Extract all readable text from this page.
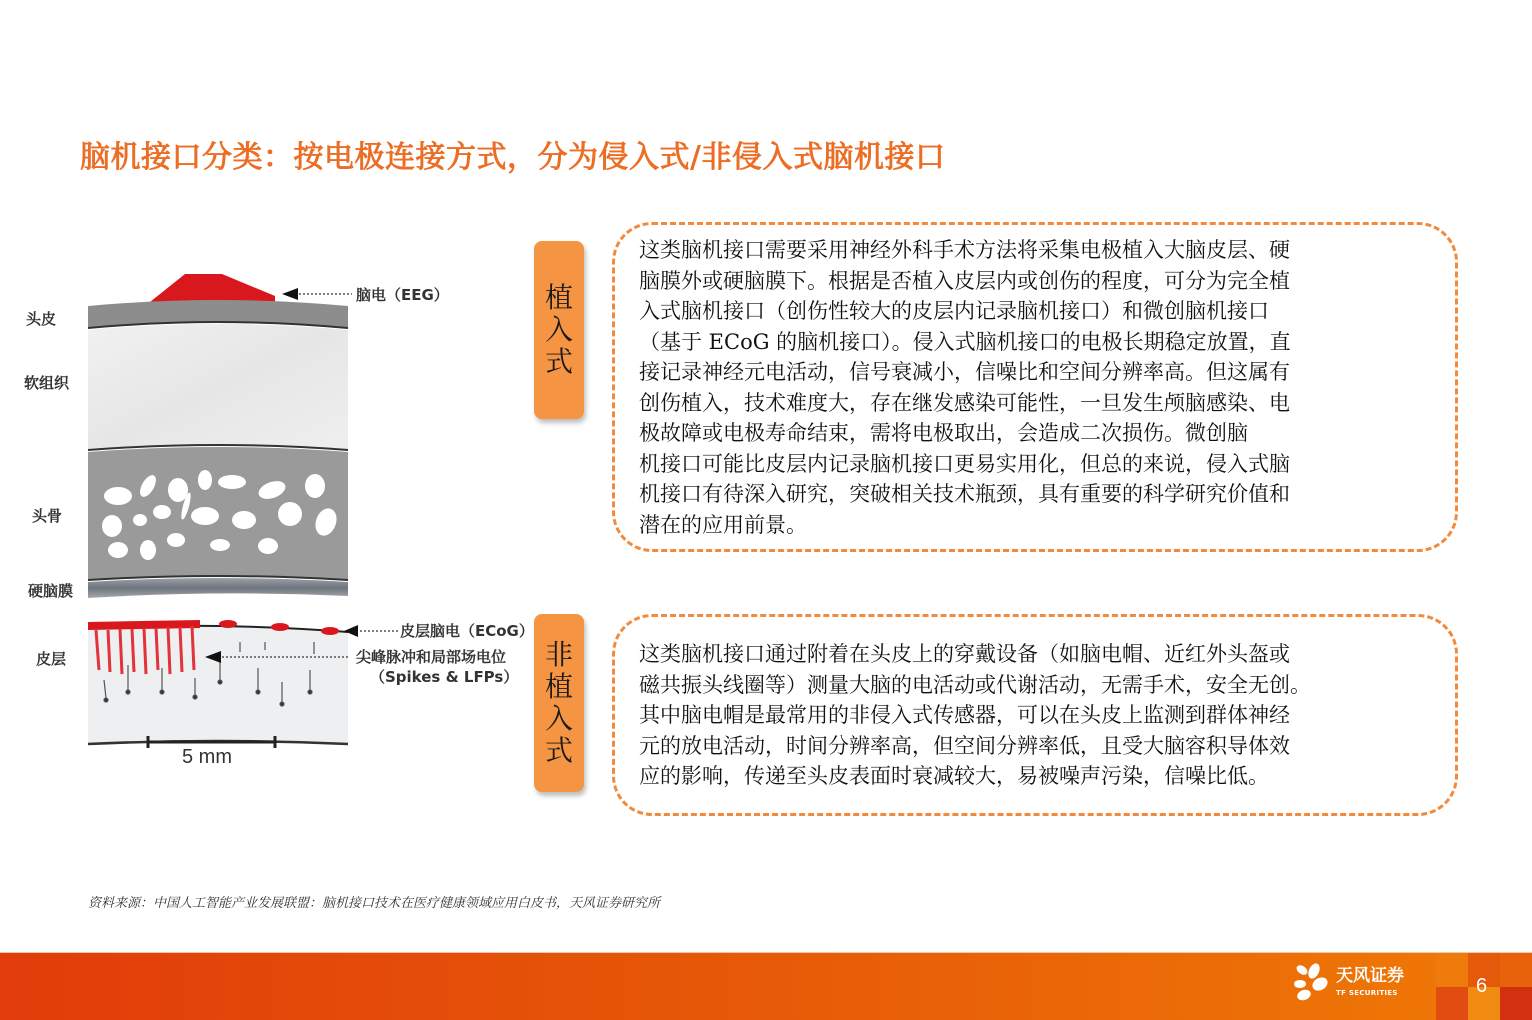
脑机接口分类：按电极连接方式，分为侵入式/非侵入式脑机接口
头皮
软组织
头骨
硬脑膜
皮层
脑电（EEG）
皮层脑电（ECoG）
尖峰脉冲和局部场电位
（Spikes & LFPs）
5 mm
植
入
式

这类脑机接口需要采用神经外科手术方法将采集电极植入大脑皮层、硬

脑膜外或硬脑膜下。根据是否植入皮层内或创伤的程度，可分为完全植

入式脑机接口（创伤性较大的皮层内记录脑机接口）和微创脑机接口

（基于 ECoG 的脑机接口）。侵入式脑机接口的电极长期稳定放置，直

接记录神经元电活动，信号衰减小，信噪比和空间分辨率高。但这属有

创伤植入，技术难度大，存在继发感染可能性，一旦发生颅脑感染、电

极故障或电极寿命结束，需将电极取出，会造成二次损伤。微创脑

机接口可能比皮层内记录脑机接口更易实用化，但总的来说，侵入式脑

机接口有待深入研究，突破相关技术瓶颈，具有重要的科学研究价值和

潜在的应用前景。

非
植
入
式

这类脑机接口通过附着在头皮上的穿戴设备（如脑电帽、近红外头盔或

磁共振头线圈等）测量大脑的电活动或代谢活动，无需手术，安全无创。

其中脑电帽是最常用的非侵入式传感器，可以在头皮上监测到群体神经

元的放电活动，时间分辨率高，但空间分辨率低，且受大脑容积导体效

应的影响，传递至头皮表面时衰减较大，易被噪声污染，信噪比低。

资料来源：中国人工智能产业发展联盟：脑机接口技术在医疗健康领域应用白皮书，天风证券研究所
天风证券
TF SECURITIES	6
